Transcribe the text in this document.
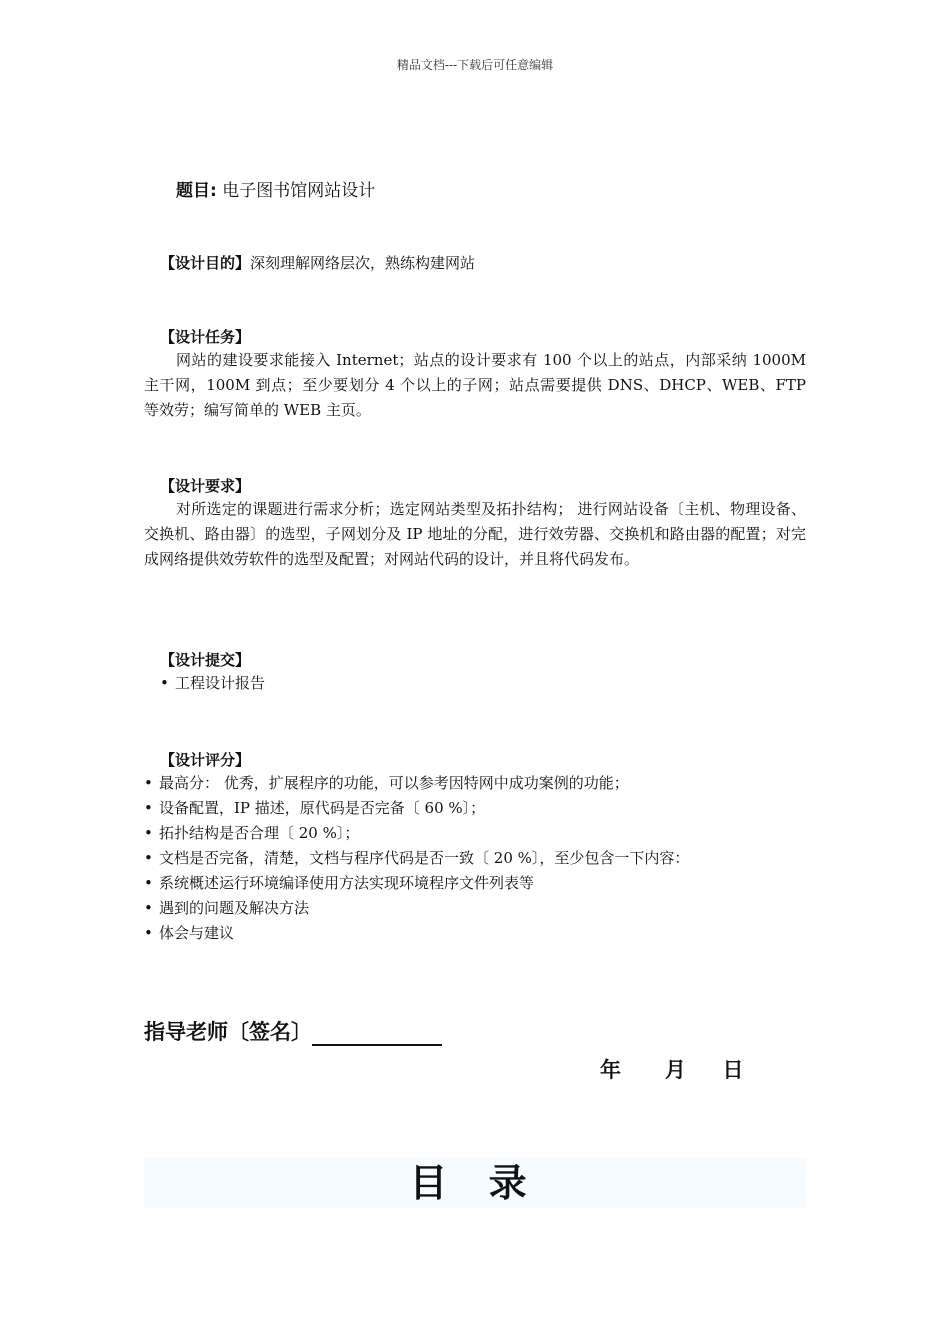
精品文档---下载后可任意编辑
题目: 电子图书馆网站设计
【设计目的】深刻理解网络层次，熟练构建网站
【设计任务】
网站的建设要求能接入 Internet；站点的设计要求有 100 个以上的站点，内部采纳 1000M 主干网，100M 到点；至少要划分 4 个以上的子网；站点需要提供 DNS、DHCP、WEB、FTP 等效劳；编写简单的 WEB 主页。
【设计要求】
对所选定的课题进行需求分析；选定网站类型及拓扑结构； 进行网站设备〔主机、物理设备、交换机、路由器〕的选型，子网划分及 IP 地址的分配，进行效劳器、交换机和路由器的配置；对完成网络提供效劳软件的选型及配置；对网站代码的设计，并且将代码发布。
【设计提交】
• 工程设计报告
【设计评分】
• 最高分： 优秀，扩展程序的功能，可以参考因特网中成功案例的功能；
• 设备配置，IP 描述，原代码是否完备〔 60 %〕；
• 拓扑结构是否合理〔 20 %〕；
• 文档是否完备，清楚，文档与程序代码是否一致〔 20 %〕，至少包含一下内容：
• 系统概述运行环境编译使用方法实现环境程序文件列表等
• 遇到的问题及解决方法
• 体会与建议
指导老师〔签名〕
年 月 日
目 录
